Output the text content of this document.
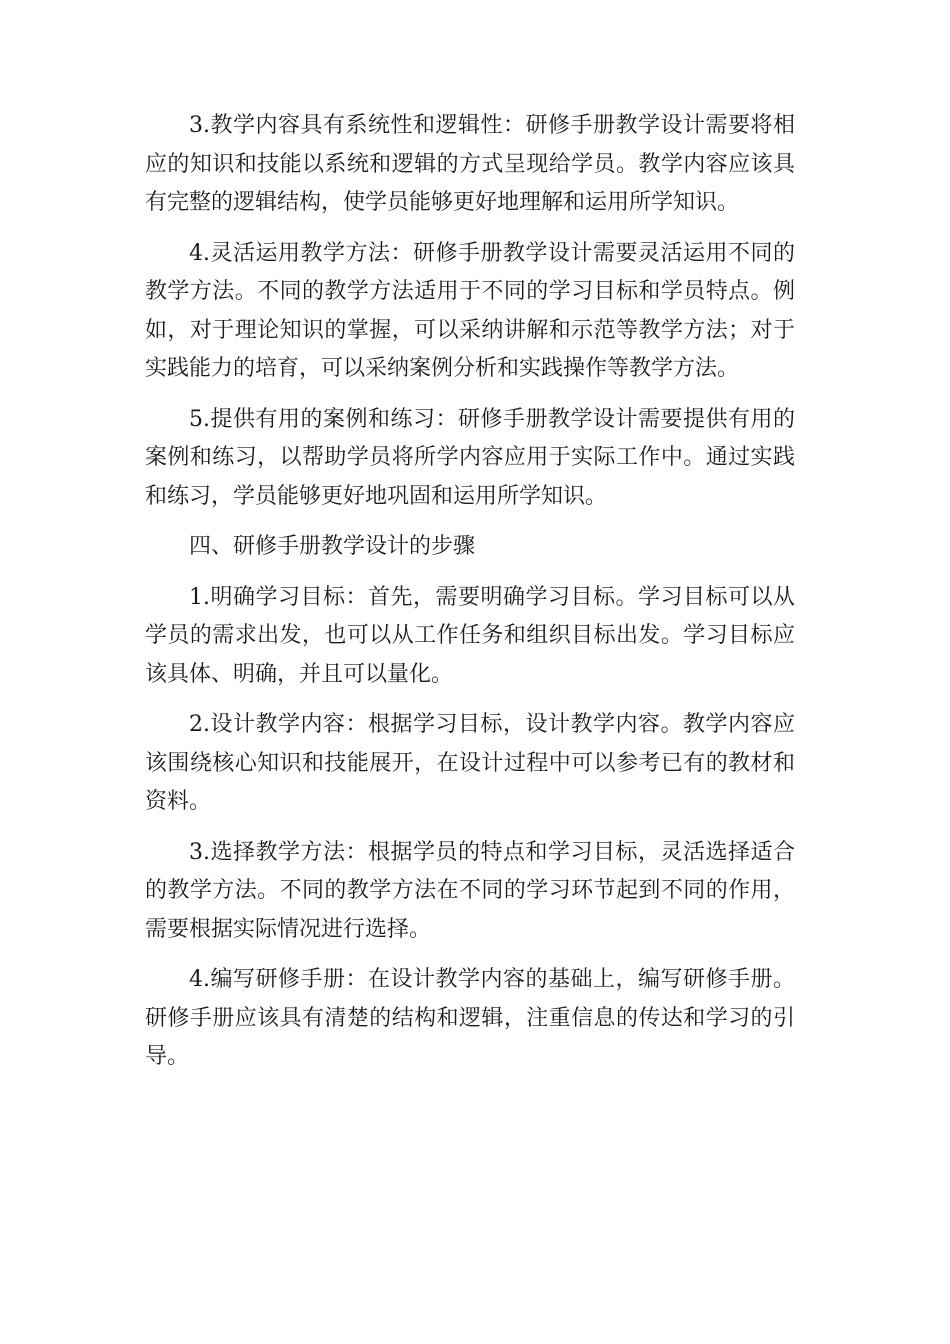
3.教学内容具有系统性和逻辑性：研修手册教学设计需要将相应的知识和技能以系统和逻辑的方式呈现给学员。教学内容应该具有完整的逻辑结构，使学员能够更好地理解和运用所学知识。

4.灵活运用教学方法：研修手册教学设计需要灵活运用不同的教学方法。不同的教学方法适用于不同的学习目标和学员特点。例如，对于理论知识的掌握，可以采纳讲解和示范等教学方法；对于实践能力的培育，可以采纳案例分析和实践操作等教学方法。

5.提供有用的案例和练习：研修手册教学设计需要提供有用的案例和练习，以帮助学员将所学内容应用于实际工作中。通过实践和练习，学员能够更好地巩固和运用所学知识。

四、研修手册教学设计的步骤

1.明确学习目标：首先，需要明确学习目标。学习目标可以从学员的需求出发，也可以从工作任务和组织目标出发。学习目标应该具体、明确，并且可以量化。

2.设计教学内容：根据学习目标，设计教学内容。教学内容应该围绕核心知识和技能展开，在设计过程中可以参考已有的教材和资料。

3.选择教学方法：根据学员的特点和学习目标，灵活选择适合的教学方法。不同的教学方法在不同的学习环节起到不同的作用，需要根据实际情况进行选择。

4.编写研修手册：在设计教学内容的基础上，编写研修手册。研修手册应该具有清楚的结构和逻辑，注重信息的传达和学习的引导。
